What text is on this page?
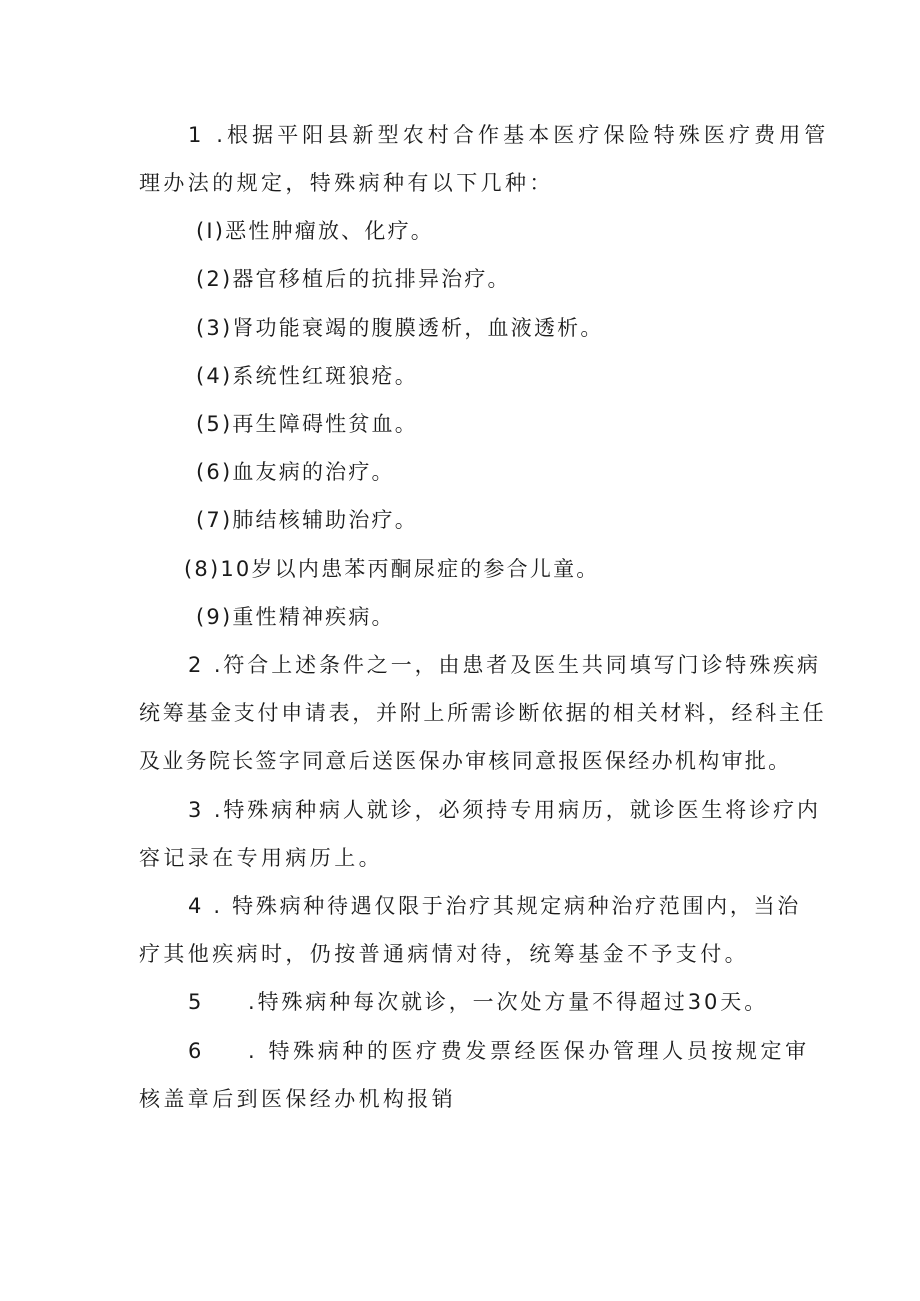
1 .根据平阳县新型农村合作基本医疗保险特殊医疗费用管
理办法的规定，特殊病种有以下几种：
(I)恶性肿瘤放、化疗。
(2)器官移植后的抗排异治疗。
(3)肾功能衰竭的腹膜透析，血液透析。
(4)系统性红斑狼疮。
(5)再生障碍性贫血。
(6)血友病的治疗。
(7)肺结核辅助治疗。
(8)10岁以内患苯丙酮尿症的参合儿童。
(9)重性精神疾病。
2 .符合上述条件之一，由患者及医生共同填写门诊特殊疾病
统筹基金支付申请表，并附上所需诊断依据的相关材料，经科主任
及业务院长签字同意后送医保办审核同意报医保经办机构审批。
3 .特殊病种病人就诊，必须持专用病历，就诊医生将诊疗内
容记录在专用病历上。
4 . 特殊病种待遇仅限于治疗其规定病种治疗范围内，当治
疗其他疾病时，仍按普通病情对待，统筹基金不予支付。
5	.特殊病种每次就诊，一次处方量不得超过30天。
6	. 特殊病种的医疗费发票经医保办管理人员按规定审
核盖章后到医保经办机构报销
